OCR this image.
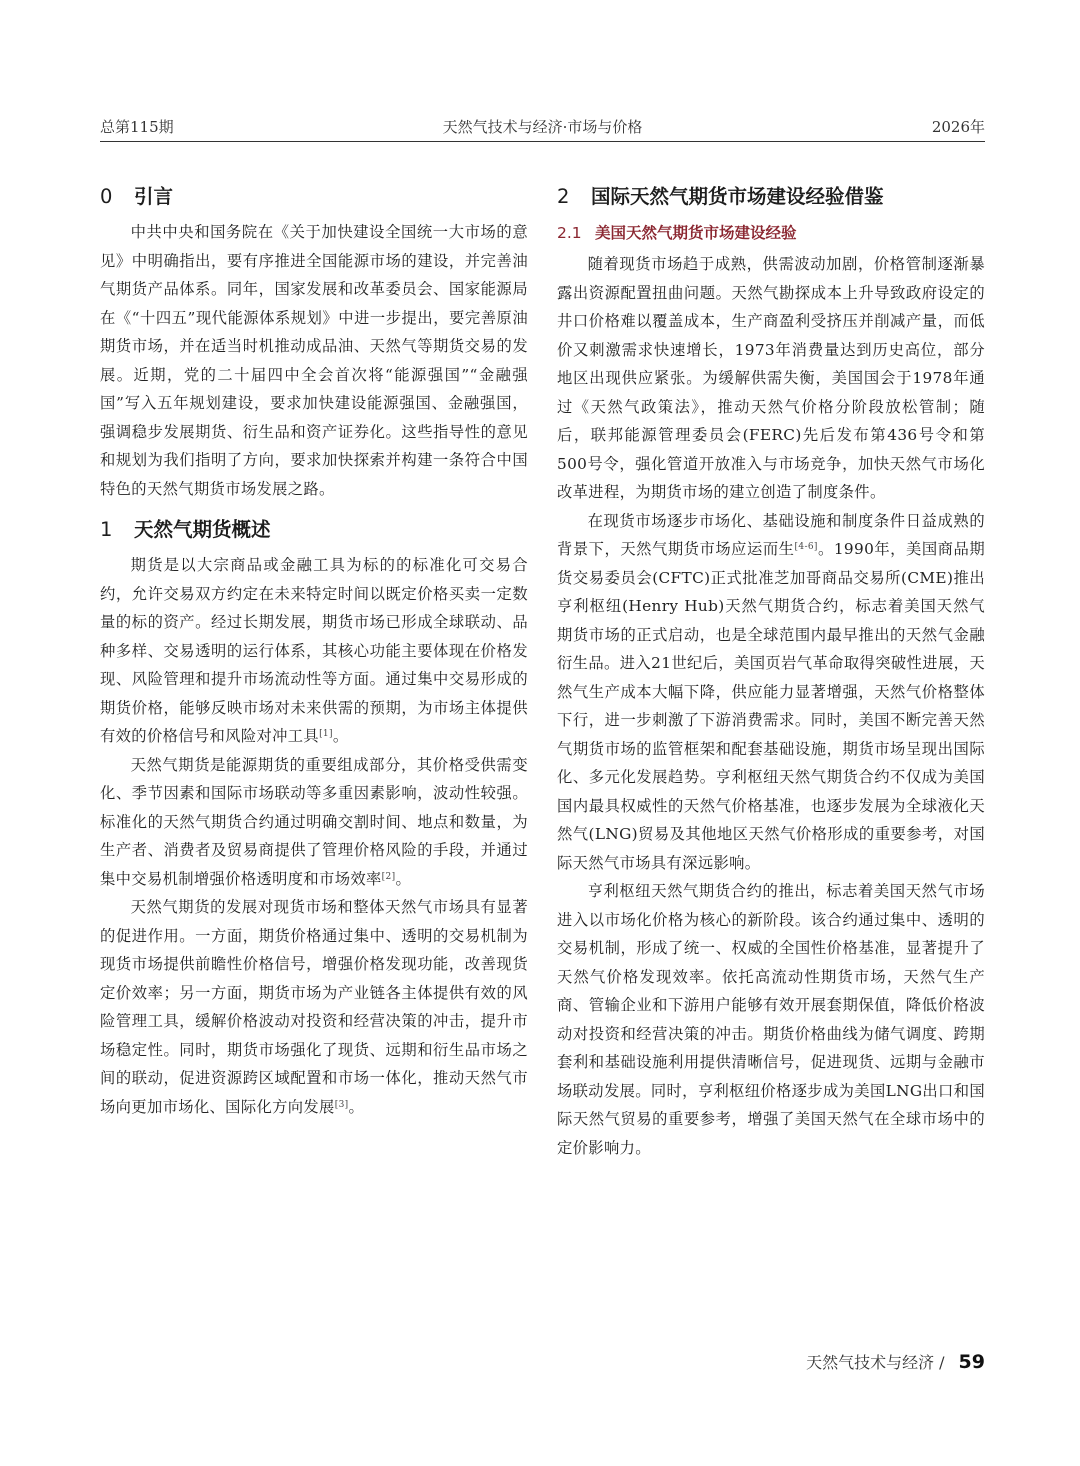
总第115期	天然气技术与经济·市场与价格	2026年
0 引言

中共中央和国务院在《关于加快建设全国统一大市场的意见》中明确指出，要有序推进全国能源市场的建设，并完善油气期货产品体系。同年，国家发展和改革委员会、国家能源局在《“十四五”现代能源体系规划》中进一步提出，要完善原油期货市场，并在适当时机推动成品油、天然气等期货交易的发展。近期，党的二十届四中全会首次将“能源强国”“金融强国”写入五年规划建设，要求加快建设能源强国、金融强国，强调稳步发展期货、衍生品和资产证券化。这些指导性的意见和规划为我们指明了方向，要求加快探索并构建一条符合中国特色的天然气期货市场发展之路。

1 天然气期货概述

期货是以大宗商品或金融工具为标的的标准化可交易合约，允许交易双方约定在未来特定时间以既定价格买卖一定数量的标的资产。经过长期发展，期货市场已形成全球联动、品种多样、交易透明的运行体系，其核心功能主要体现在价格发现、风险管理和提升市场流动性等方面。通过集中交易形成的期货价格，能够反映市场对未来供需的预期，为市场主体提供有效的价格信号和风险对冲工具[1]。

天然气期货是能源期货的重要组成部分，其价格受供需变化、季节因素和国际市场联动等多重因素影响，波动性较强。标准化的天然气期货合约通过明确交割时间、地点和数量，为生产者、消费者及贸易商提供了管理价格风险的手段，并通过集中交易机制增强价格透明度和市场效率[2]。

天然气期货的发展对现货市场和整体天然气市场具有显著的促进作用。一方面，期货价格通过集中、透明的交易机制为现货市场提供前瞻性价格信号，增强价格发现功能，改善现货定价效率；另一方面，期货市场为产业链各主体提供有效的风险管理工具，缓解价格波动对投资和经营决策的冲击，提升市场稳定性。同时，期货市场强化了现货、远期和衍生品市场之间的联动，促进资源跨区域配置和市场一体化，推动天然气市场向更加市场化、国际化方向发展[3]。

2 国际天然气期货市场建设经验借鉴
2.1 美国天然气期货市场建设经验

随着现货市场趋于成熟，供需波动加剧，价格管制逐渐暴露出资源配置扭曲问题。天然气勘探成本上升导致政府设定的井口价格难以覆盖成本，生产商盈利受挤压并削减产量，而低价又刺激需求快速增长，1973年消费量达到历史高位，部分地区出现供应紧张。为缓解供需失衡，美国国会于1978年通过《天然气政策法》，推动天然气价格分阶段放松管制；随后，联邦能源管理委员会(FERC)先后发布第436号令和第500号令，强化管道开放准入与市场竞争，加快天然气市场化改革进程，为期货市场的建立创造了制度条件。

在现货市场逐步市场化、基础设施和制度条件日益成熟的背景下，天然气期货市场应运而生[4-6]。1990年，美国商品期货交易委员会(CFTC)正式批准芝加哥商品交易所(CME)推出亨利枢纽(Henry Hub)天然气期货合约，标志着美国天然气期货市场的正式启动，也是全球范围内最早推出的天然气金融衍生品。进入21世纪后，美国页岩气革命取得突破性进展，天然气生产成本大幅下降，供应能力显著增强，天然气价格整体下行，进一步刺激了下游消费需求。同时，美国不断完善天然气期货市场的监管框架和配套基础设施，期货市场呈现出国际化、多元化发展趋势。亨利枢纽天然气期货合约不仅成为美国国内最具权威性的天然气价格基准，也逐步发展为全球液化天然气(LNG)贸易及其他地区天然气价格形成的重要参考，对国际天然气市场具有深远影响。

亨利枢纽天然气期货合约的推出，标志着美国天然气市场进入以市场化价格为核心的新阶段。该合约通过集中、透明的交易机制，形成了统一、权威的全国性价格基准，显著提升了天然气价格发现效率。依托高流动性期货市场，天然气生产商、管输企业和下游用户能够有效开展套期保值，降低价格波动对投资和经营决策的冲击。期货价格曲线为储气调度、跨期套利和基础设施利用提供清晰信号，促进现货、远期与金融市场联动发展。同时，亨利枢纽价格逐步成为美国LNG出口和国际天然气贸易的重要参考，增强了美国天然气在全球市场中的定价影响力。

天然气技术与经济 / 59
